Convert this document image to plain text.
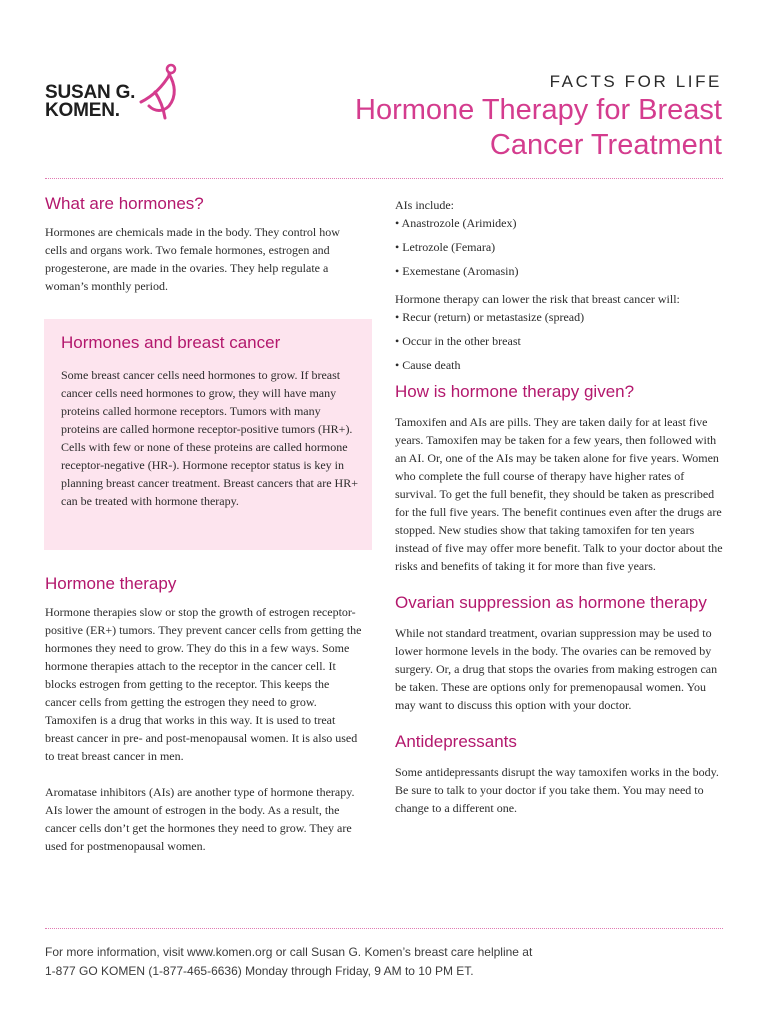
SUSAN G.
KOMEN.
FACTS FOR LIFE
Hormone Therapy for Breast Cancer Treatment
What are hormones?

Hormones are chemicals made in the body. They control how cells and organs work. Two female hormones, estrogen and progesterone, are made in the ovaries. They help regulate a woman’s monthly period.

Hormones and breast cancer

Some breast cancer cells need hormones to grow. If breast cancer cells need hormones to grow, they will have many proteins called hormone receptors. Tumors with many proteins are called hormone receptor-positive tumors (HR+). Cells with few or none of these proteins are called hormone receptor-negative (HR-). Hormone receptor status is key in planning breast cancer treatment. Breast cancers that are HR+ can be treated with hormone therapy.

Hormone therapy

Hormone therapies slow or stop the growth of estrogen receptor-positive (ER+) tumors. They prevent cancer cells from getting the hormones they need to grow. They do this in a few ways. Some hormone therapies attach to the receptor in the cancer cell. It blocks estrogen from getting to the receptor. This keeps the cancer cells from getting the estrogen they need to grow. Tamoxifen is a drug that works in this way. It is used to treat breast cancer in pre- and post-menopausal women. It is also used to treat breast cancer in men.

Aromatase inhibitors (AIs) are another type of hormone therapy. AIs lower the amount of estrogen in the body. As a result, the cancer cells don’t get the hormones they need to grow. They are used for postmenopausal women.

AIs include:

• Anastrozole (Arimidex)
• Letrozole (Femara)
• Exemestane (Aromasin)

Hormone therapy can lower the risk that breast cancer will:

• Recur (return) or metastasize (spread)
• Occur in the other breast
• Cause death
How is hormone therapy given?

Tamoxifen and AIs are pills. They are taken daily for at least five years. Tamoxifen may be taken for a few years, then followed with an AI. Or, one of the AIs may be taken alone for five years. Women who complete the full course of therapy have higher rates of survival. To get the full benefit, they should be taken as prescribed for the full five years. The benefit continues even after the drugs are stopped. New studies show that taking tamoxifen for ten years instead of five may offer more benefit. Talk to your doctor about the risks and benefits of taking it for more than five years.

Ovarian suppression as hormone therapy

While not standard treatment, ovarian suppression may be used to lower hormone levels in the body. The ovaries can be removed by surgery. Or, a drug that stops the ovaries from making estrogen can be taken. These are options only for premenopausal women. You may want to discuss this option with your doctor.

Antidepressants

Some antidepressants disrupt the way tamoxifen works in the body. Be sure to talk to your doctor if you take them. You may need to change to a different one.

For more information, visit www.komen.org or call Susan G. Komen’s breast care helpline at
1-877 GO KOMEN (1-877-465-6636) Monday through Friday, 9 AM to 10 PM ET.
